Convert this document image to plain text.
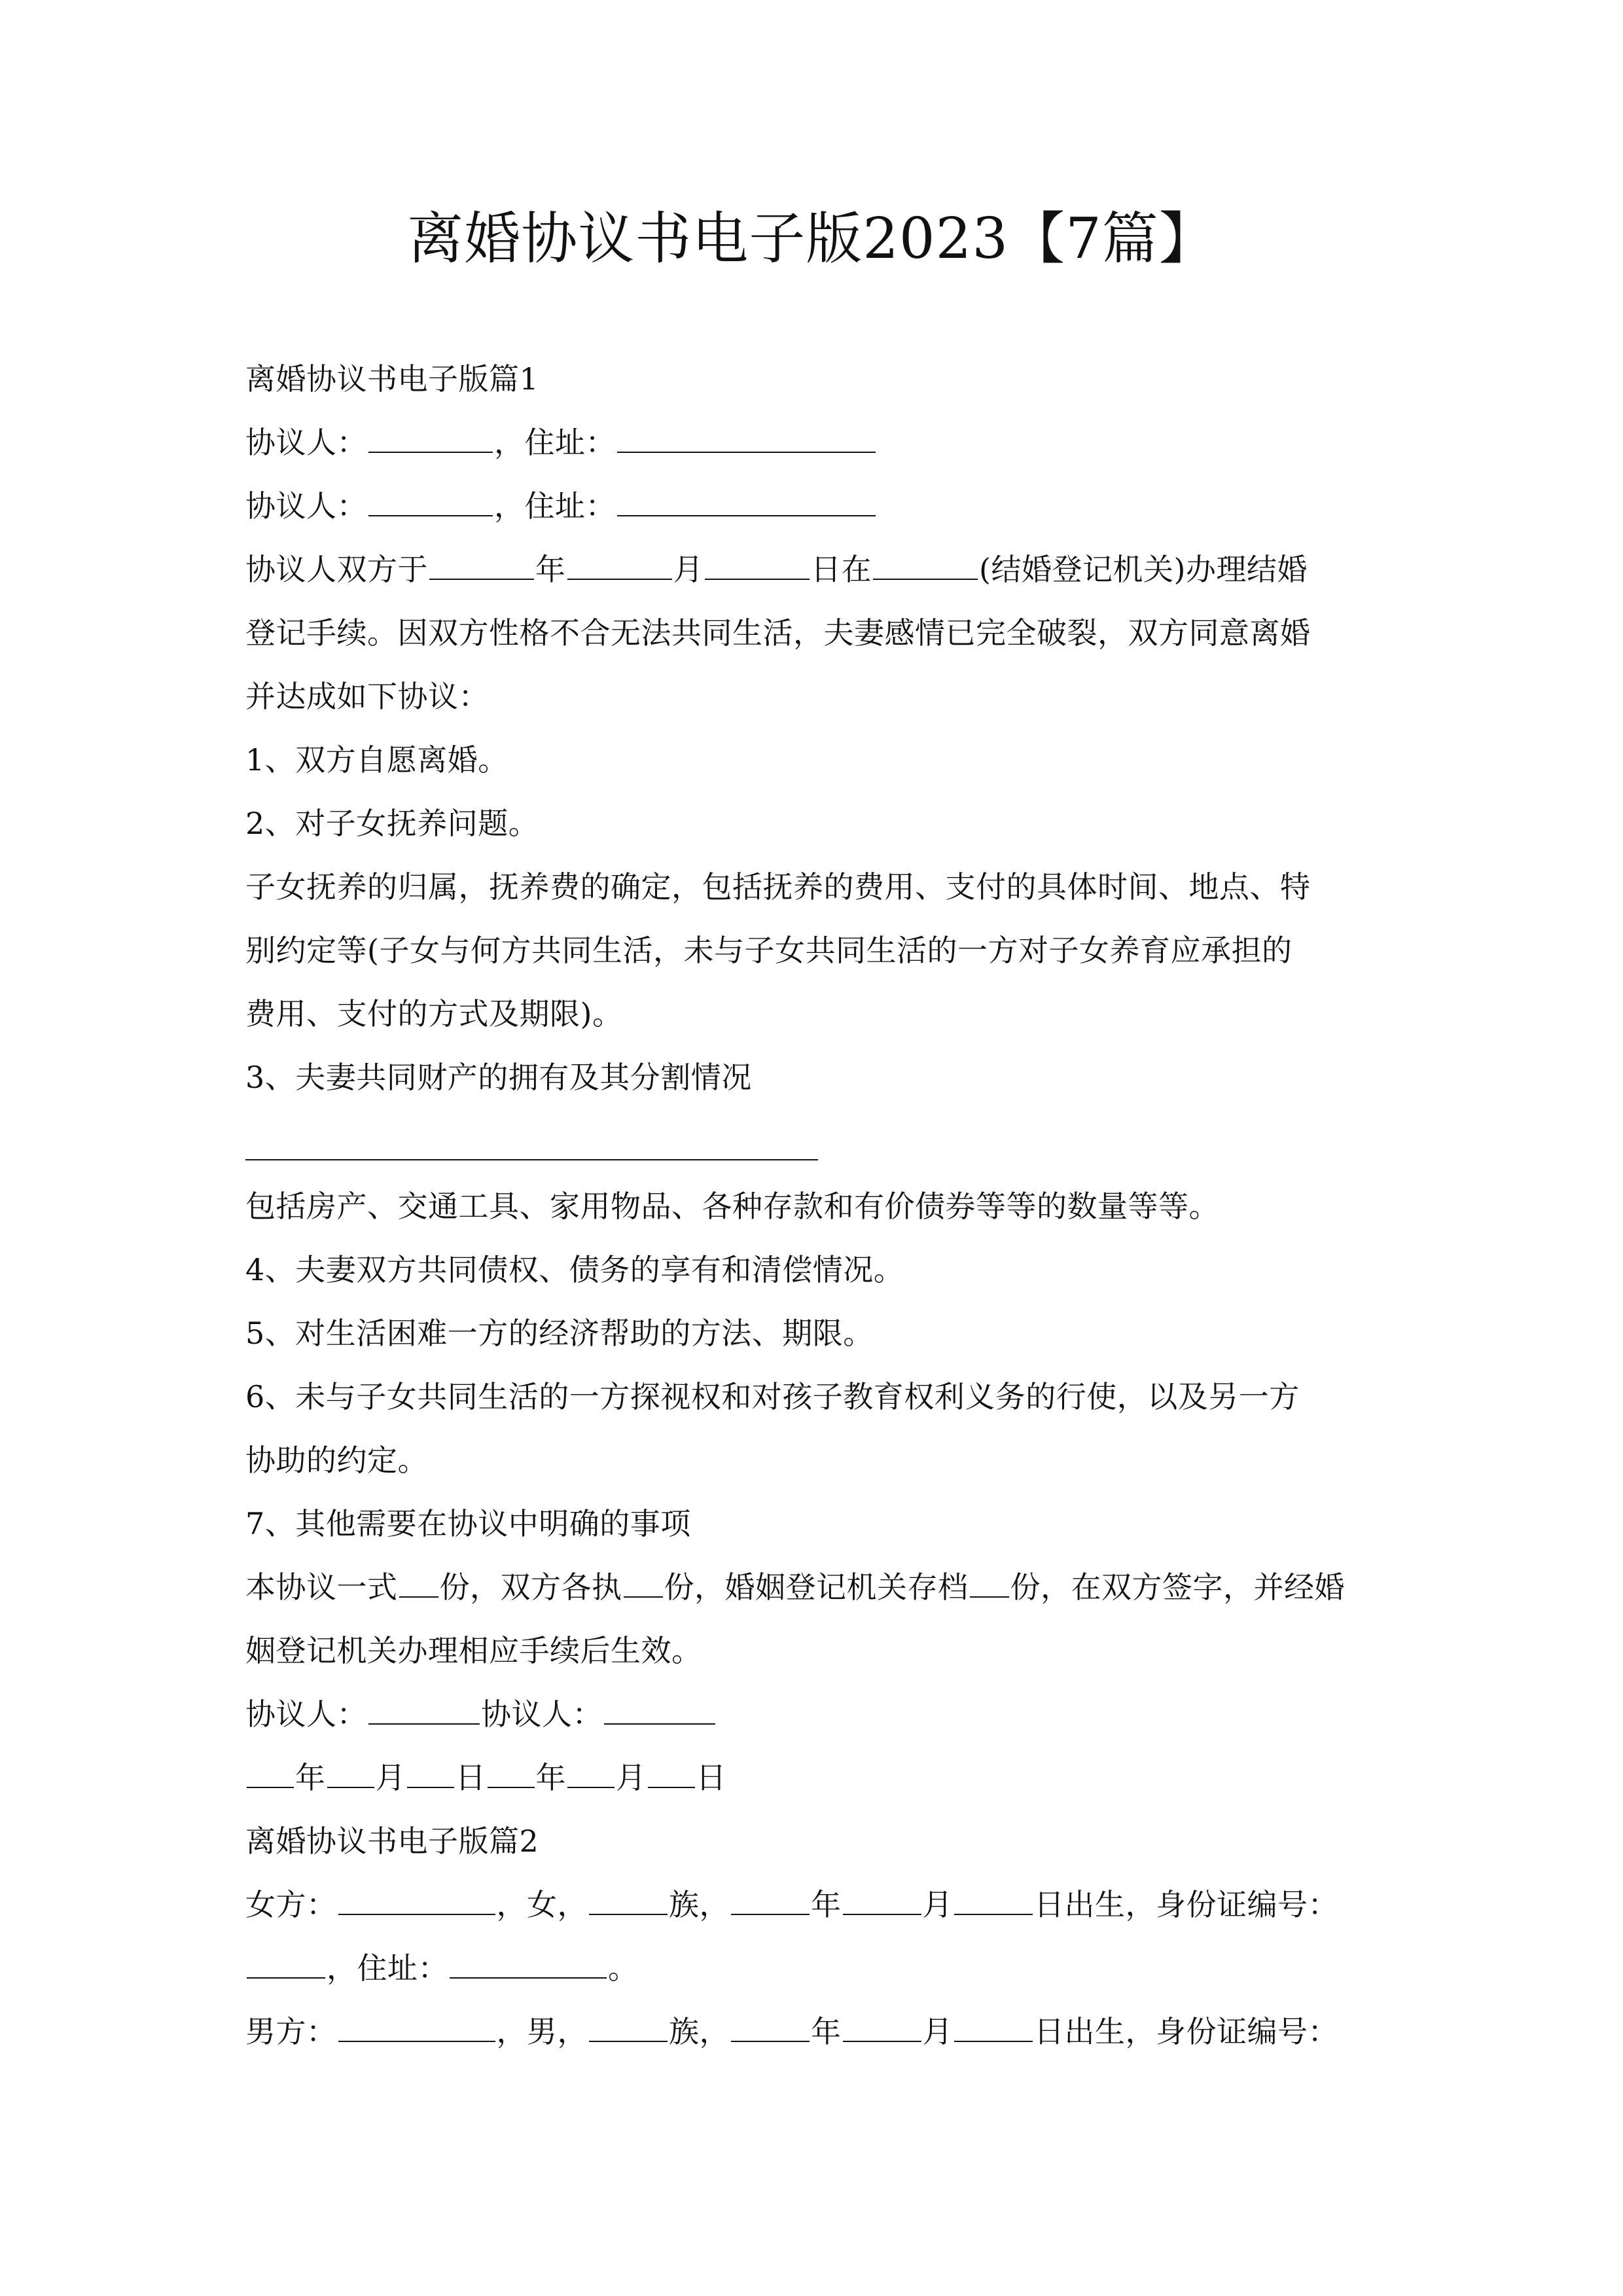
离婚协议书电子版2023【7篇】
离婚协议书电子版篇1
协议人：	，住址：
协议人：	，住址：
协议人双方于	年	月	日在	(结婚登记机关)办理结婚
登记手续。因双方性格不合无法共同生活，夫妻感情已完全破裂，双方同意离婚
并达成如下协议：
1、双方自愿离婚。
2、对子女抚养问题。
子女抚养的归属，抚养费的确定，包括抚养的费用、支付的具体时间、地点、特
别约定等(子女与何方共同生活，未与子女共同生活的一方对子女养育应承担的
费用、支付的方式及期限)。
3、夫妻共同财产的拥有及其分割情况
包括房产、交通工具、家用物品、各种存款和有价债券等等的数量等等。
4、夫妻双方共同债权、债务的享有和清偿情况。
5、对生活困难一方的经济帮助的方法、期限。
6、未与子女共同生活的一方探视权和对孩子教育权利义务的行使，以及另一方
协助的约定。
7、其他需要在协议中明确的事项
本协议一式 份，双方各执 份，婚姻登记机关存档 份，在双方签字，并经婚
姻登记机关办理相应手续后生效。
协议人：	协议人：
年 月 日 年 月 日
离婚协议书电子版篇2
女方：	，女，	族，	年	月	日出生，身份证编号：
，住址：	。
男方：	，男，	族，	年	月	日出生，身份证编号：
